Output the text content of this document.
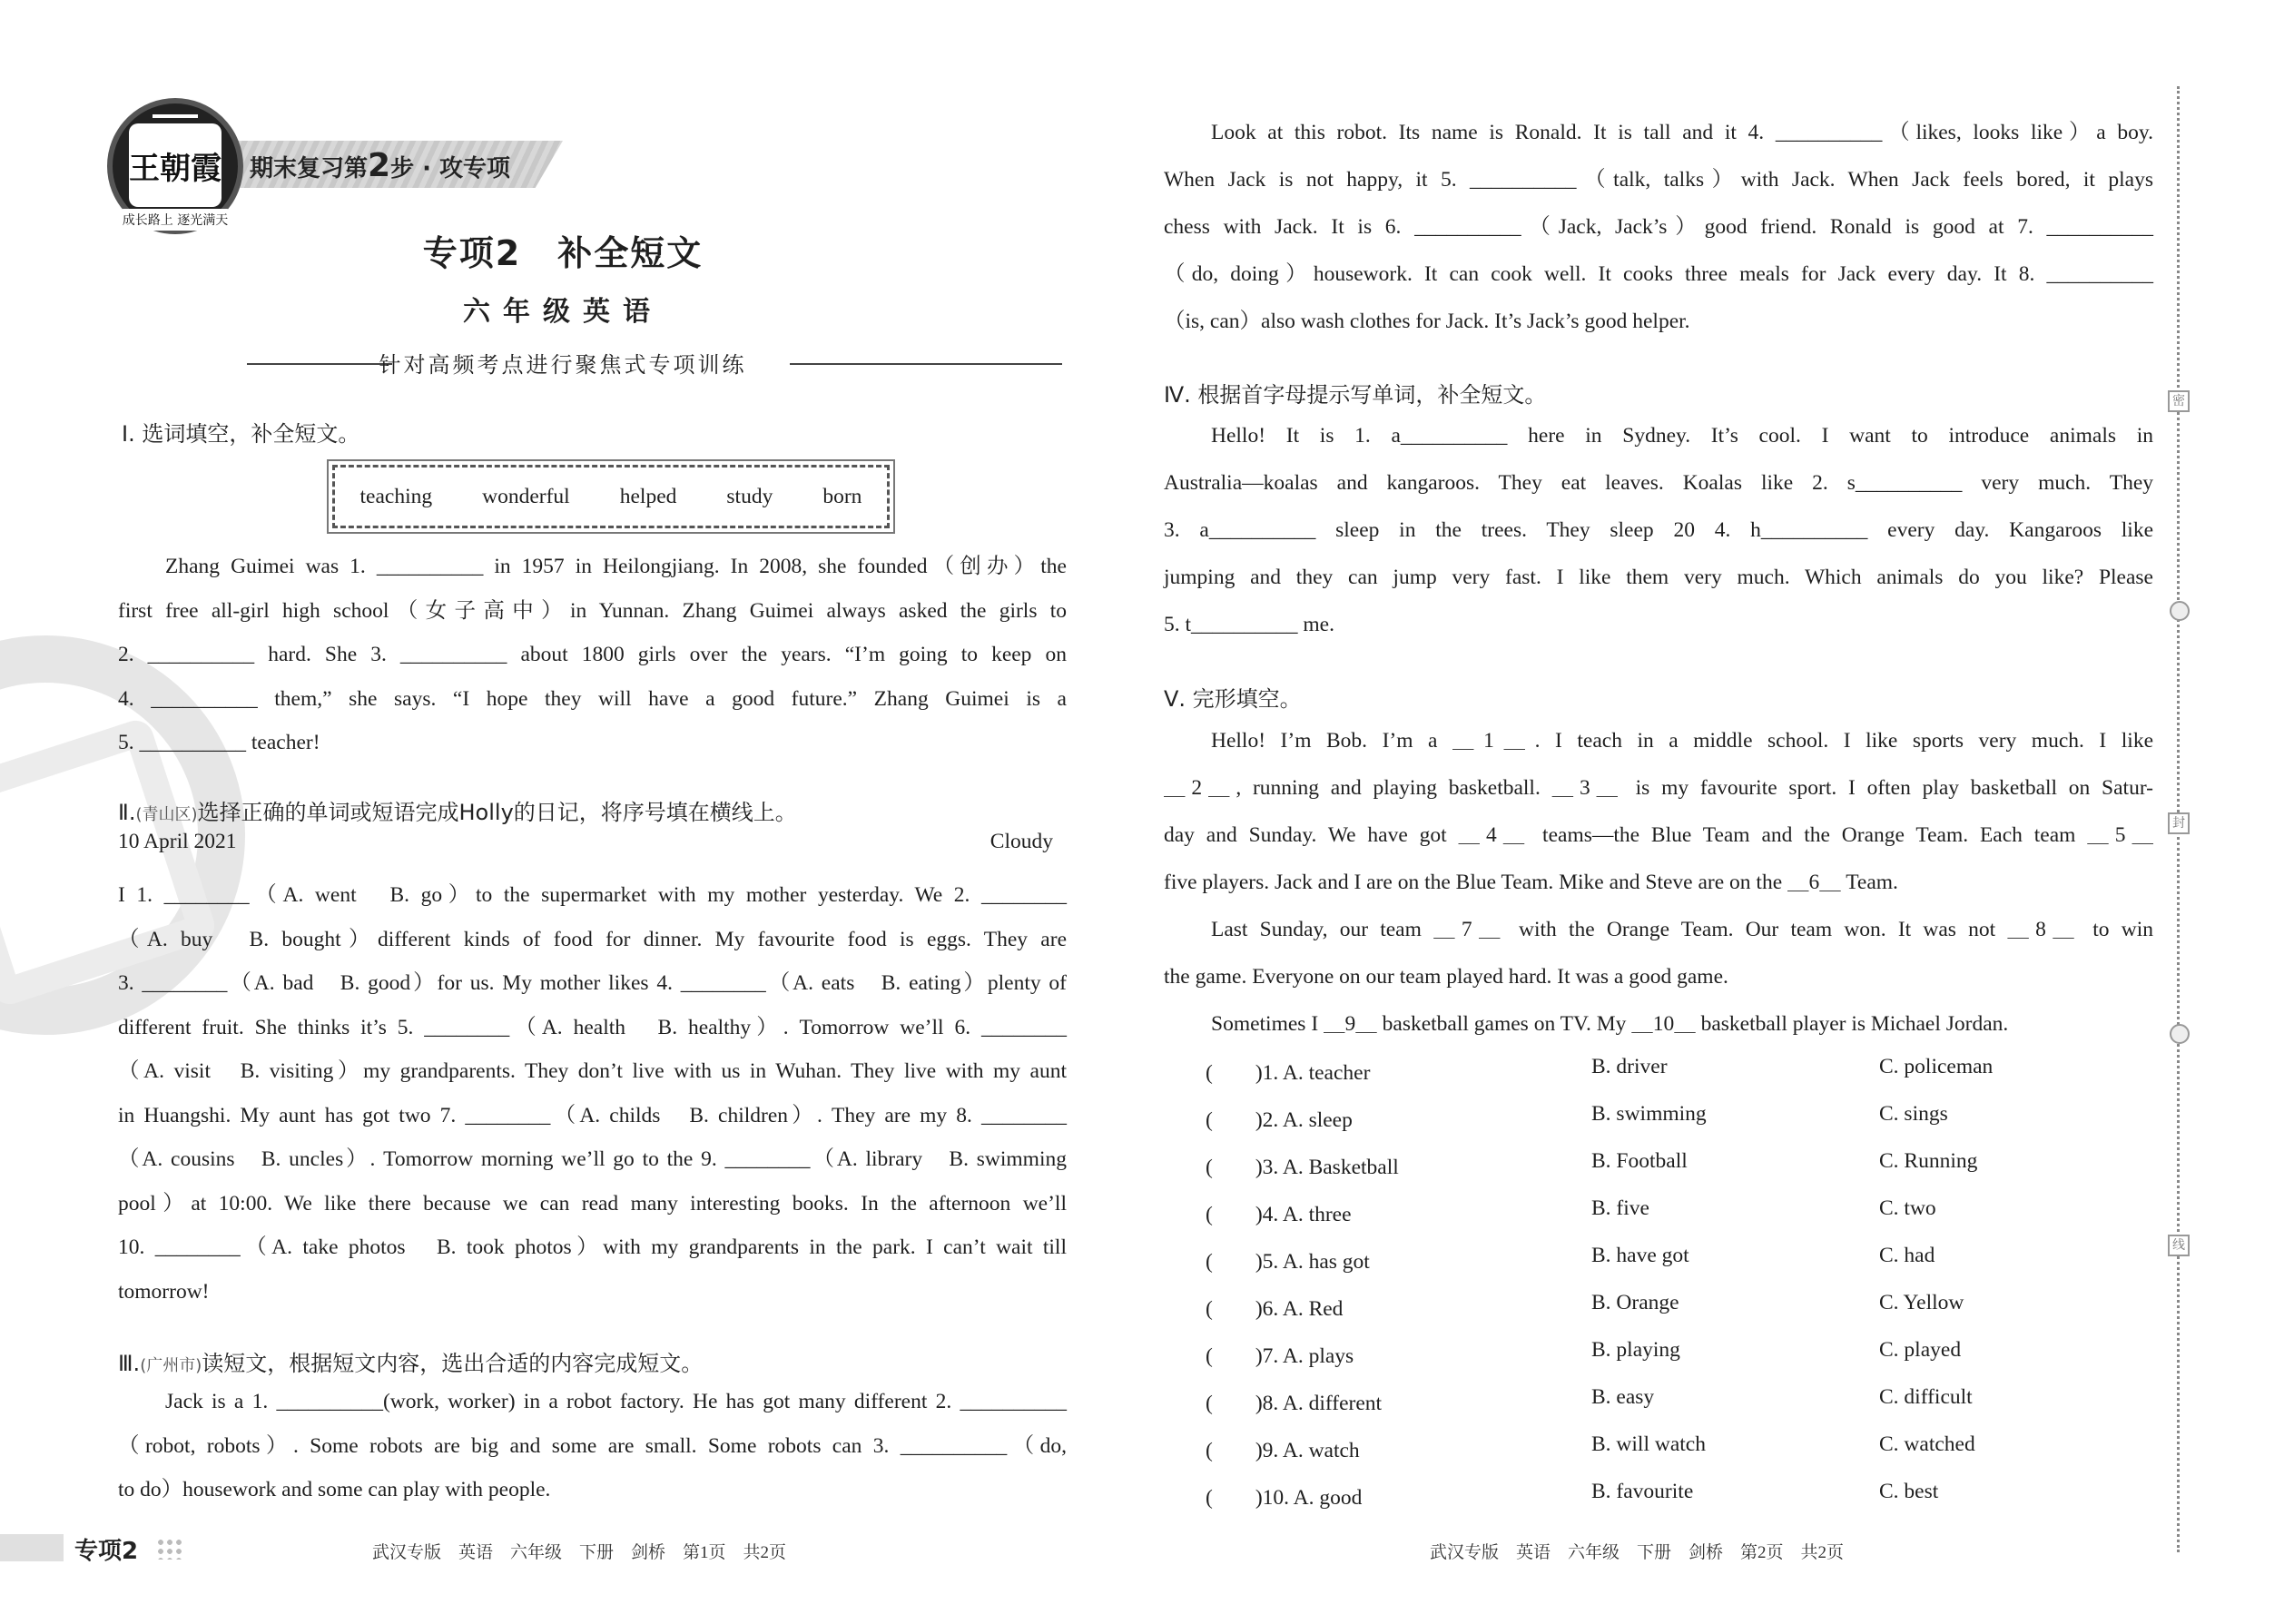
期末复习第2步 · 攻专项
王朝霞
成长路上 逐光满天
专项2　补全短文
六年级英语
针对高频考点进行聚焦式专项训练
Ⅰ. 选词填空，补全短文。
teaching wonderful helped study born
Zhang Guimei was 1. __________ in 1957 in Heilongjiang. In 2008, she founded（创办）the
first free all-girl high school（女子高中）in Yunnan. Zhang Guimei always asked the girls to
2. __________ hard. She 3. __________ about 1800 girls over the years. “I’m going to keep on
4. __________ them,” she says. “I hope they will have a good future.” Zhang Guimei is a
5. __________ teacher!
Ⅱ.(青山区)选择正确的单词或短语完成Holly的日记，将序号填在横线上。
10 April 2021	Cloudy
I 1. ________（A. went　B. go）to the supermarket with my mother yesterday. We 2. ________
（A. buy　B. bought）different kinds of food for dinner. My favourite food is eggs. They are
3. ________（A. bad　B. good）for us. My mother likes 4. ________（A. eats　B. eating）plenty of
different fruit. She thinks it’s 5. ________（A. health　B. healthy）. Tomorrow we’ll 6. ________
（A. visit　B. visiting）my grandparents. They don’t live with us in Wuhan. They live with my aunt
in Huangshi. My aunt has got two 7. ________（A. childs　B. children）. They are my 8. ________
（A. cousins　B. uncles）. Tomorrow morning we’ll go to the 9. ________（A. library　B. swimming
pool）at 10:00. We like there because we can read many interesting books. In the afternoon we’ll
10. ________（A. take photos　B. took photos）with my grandparents in the park. I can’t wait till
tomorrow!
Ⅲ.(广州市)读短文，根据短文内容，选出合适的内容完成短文。
Jack is a 1. __________(work, worker) in a robot factory. He has got many different 2. __________
（robot, robots）. Some robots are big and some are small. Some robots can 3. __________（do,
to do）housework and some can play with people.
专项2	武汉专版　英语　六年级　下册　剑桥　第1页　共2页
Look at this robot. Its name is Ronald. It is tall and it 4. __________（likes, looks like）a boy.
When Jack is not happy, it 5. __________（talk, talks）with Jack. When Jack feels bored, it plays
chess with Jack. It is 6. __________（Jack, Jack’s）good friend. Ronald is good at 7. __________
（do, doing）housework. It can cook well. It cooks three meals for Jack every day. It 8. __________
（is, can）also wash clothes for Jack. It’s Jack’s good helper.
Ⅳ. 根据首字母提示写单词，补全短文。
Hello! It is 1. a__________ here in Sydney. It’s cool. I want to introduce animals in
Australia—koalas and kangaroos. They eat leaves. Koalas like 2. s__________ very much. They
3. a__________ sleep in the trees. They sleep 20 4. h__________ every day. Kangaroos like
jumping and they can jump very fast. I like them very much. Which animals do you like? Please
5. t__________ me.
Ⅴ. 完形填空。
Hello! I’m Bob. I’m a ＿1＿. I teach in a middle school. I like sports very much. I like
＿2＿, running and playing basketball. ＿3＿ is my favourite sport. I often play basketball on Satur-
day and Sunday. We have got ＿4＿ teams—the Blue Team and the Orange Team. Each team ＿5＿
five players. Jack and I are on the Blue Team. Mike and Steve are on the ＿6＿ Team.
Last Sunday, our team ＿7＿ with the Orange Team. Our team won. It was not ＿8＿ to win
the game. Everyone on our team played hard. It was a good game.
Sometimes I ＿9＿ basketball games on TV. My ＿10＿ basketball player is Michael Jordan.
(　　)1. A. teacher	B. driver	C. policeman
(　　)2. A. sleep	B. swimming	C. sings
(　　)3. A. Basketball	B. Football	C. Running
(　　)4. A. three	B. five	C. two
(　　)5. A. has got	B. have got	C. had
(　　)6. A. Red	B. Orange	C. Yellow
(　　)7. A. plays	B. playing	C. played
(　　)8. A. different	B. easy	C. difficult
(　　)9. A. watch	B. will watch	C. watched
(　　)10. A. good	B. favourite	C. best
武汉专版　英语　六年级　下册　剑桥　第2页　共2页
密
封
线
